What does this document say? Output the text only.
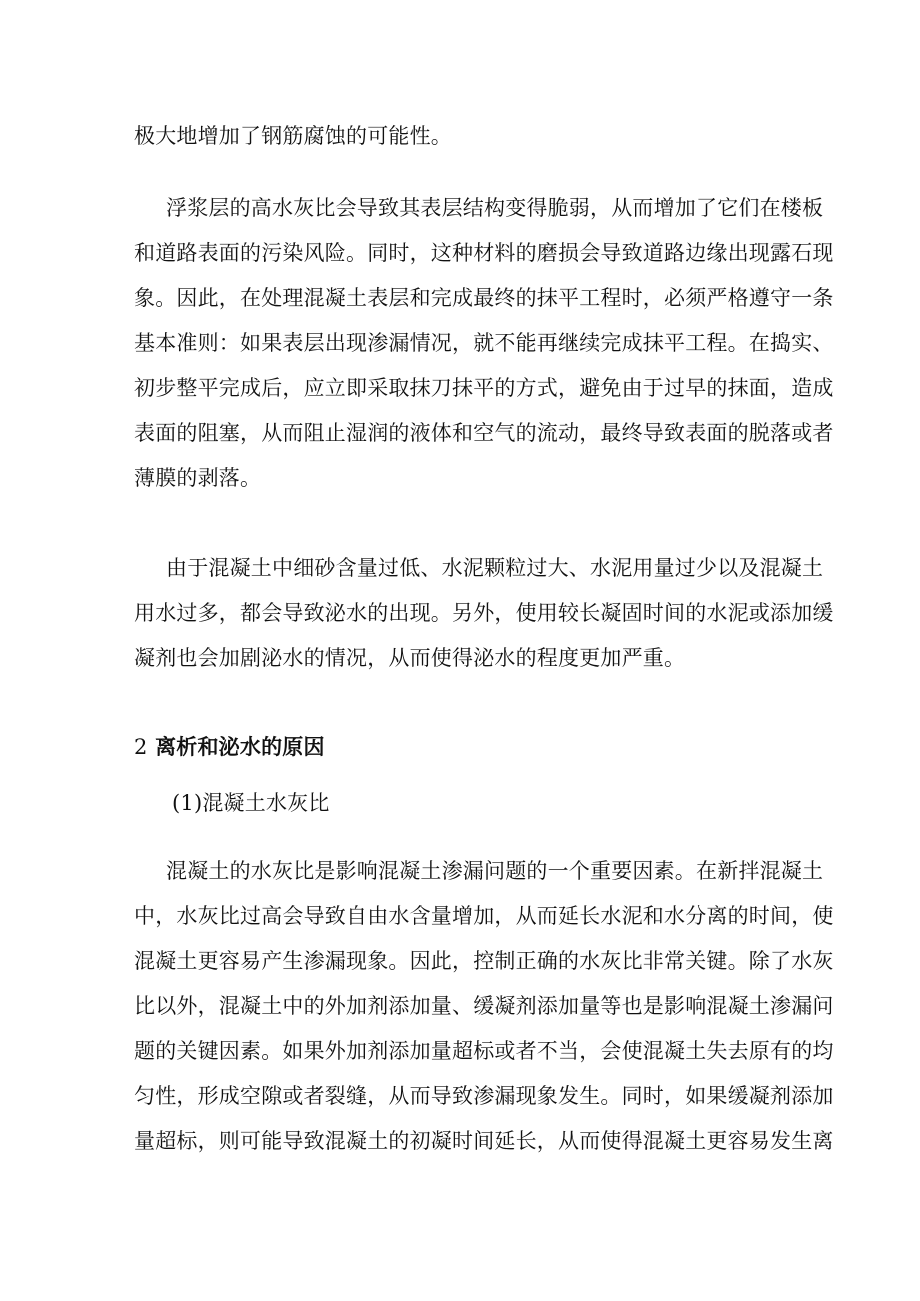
极大地增加了钢筋腐蚀的可能性。
浮浆层的高水灰比会导致其表层结构变得脆弱，从而增加了它们在楼板
和道路表面的污染风险。同时，这种材料的磨损会导致道路边缘出现露石现
象。因此，在处理混凝土表层和完成最终的抹平工程时，必须严格遵守一条
基本准则：如果表层出现渗漏情况，就不能再继续完成抹平工程。在捣实、
初步整平完成后，应立即采取抹刀抹平的方式，避免由于过早的抹面，造成
表面的阻塞，从而阻止湿润的液体和空气的流动，最终导致表面的脱落或者
薄膜的剥落。
由于混凝土中细砂含量过低、水泥颗粒过大、水泥用量过少以及混凝土
用水过多，都会导致泌水的出现。另外，使用较长凝固时间的水泥或添加缓
凝剂也会加剧泌水的情况，从而使得泌水的程度更加严重。
2 离析和泌水的原因
(1)混凝土水灰比
混凝土的水灰比是影响混凝土渗漏问题的一个重要因素。在新拌混凝土
中，水灰比过高会导致自由水含量增加，从而延长水泥和水分离的时间，使
混凝土更容易产生渗漏现象。因此，控制正确的水灰比非常关键。除了水灰
比以外，混凝土中的外加剂添加量、缓凝剂添加量等也是影响混凝土渗漏问
题的关键因素。如果外加剂添加量超标或者不当，会使混凝土失去原有的均
匀性，形成空隙或者裂缝，从而导致渗漏现象发生。同时，如果缓凝剂添加
量超标，则可能导致混凝土的初凝时间延长，从而使得混凝土更容易发生离
